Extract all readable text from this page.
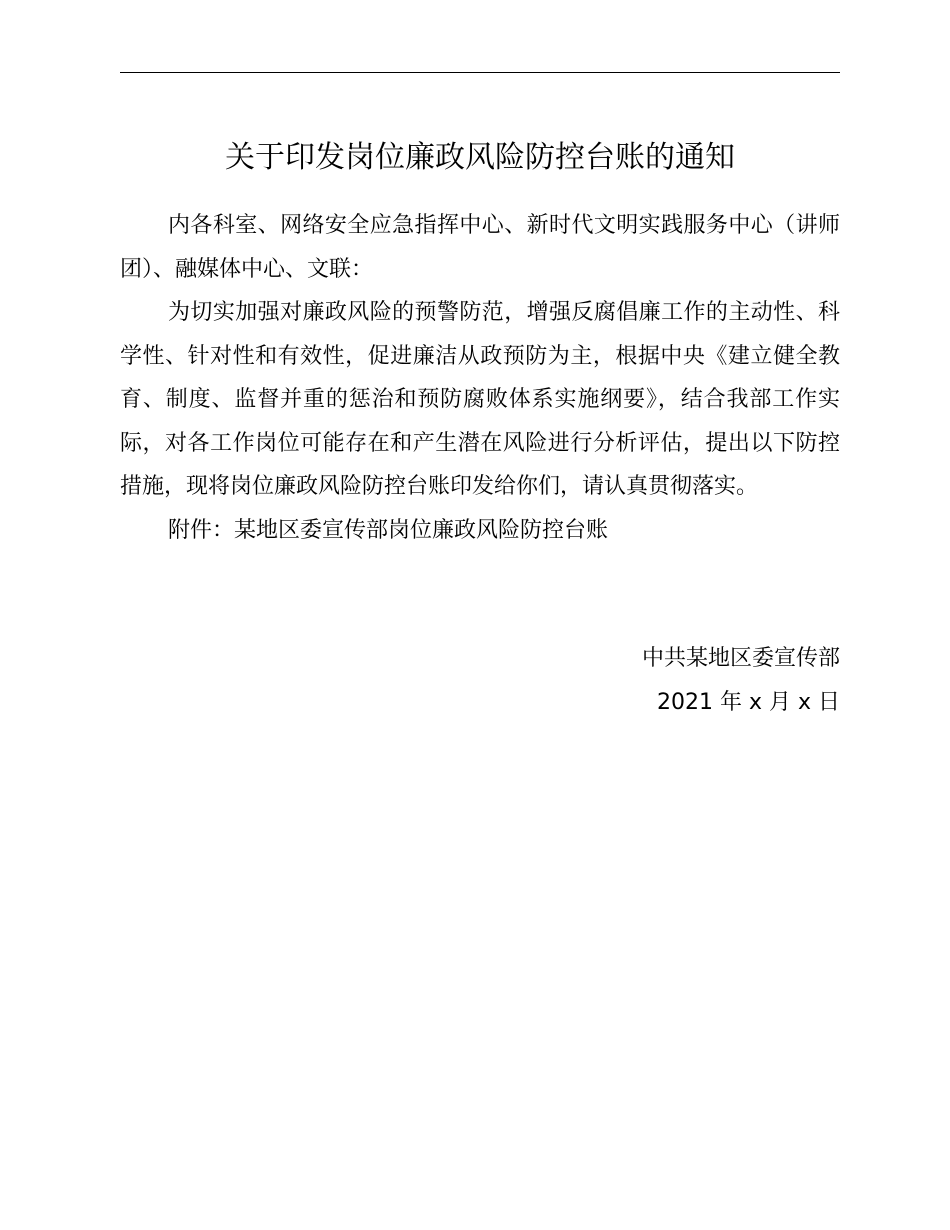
关于印发岗位廉政风险防控台账的通知

内各科室、网络安全应急指挥中心、新时代文明实践服务中心（讲师团）、融媒体中心、文联：

为切实加强对廉政风险的预警防范，增强反腐倡廉工作的主动性、科学性、针对性和有效性，促进廉洁从政预防为主，根据中央《建立健全教育、制度、监督并重的惩治和预防腐败体系实施纲要》，结合我部工作实际，对各工作岗位可能存在和产生潜在风险进行分析评估，提出以下防控措施，现将岗位廉政风险防控台账印发给你们，请认真贯彻落实。

附件：某地区委宣传部岗位廉政风险防控台账

中共某地区委宣传部
2021 年 x 月 x 日
